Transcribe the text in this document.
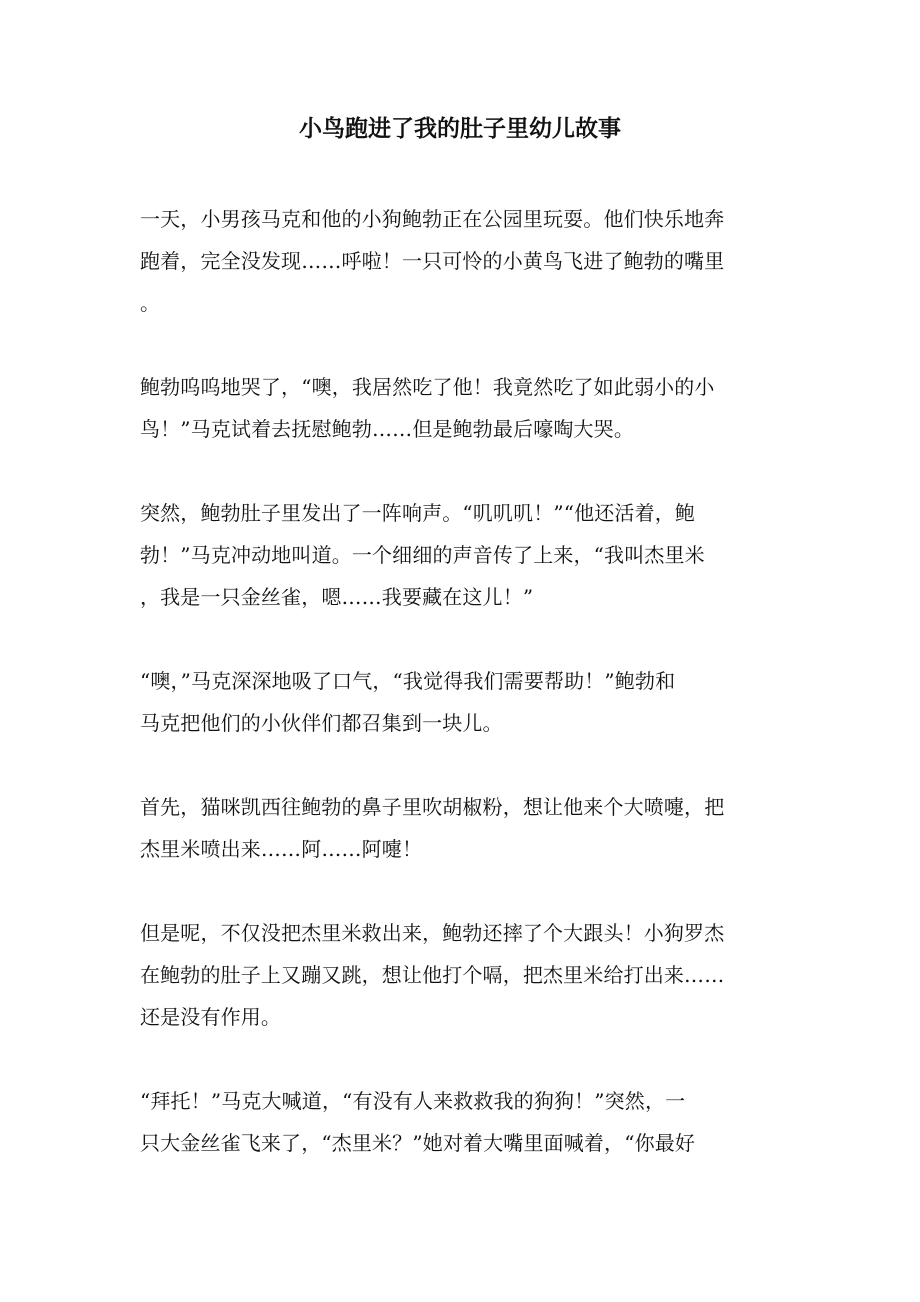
小鸟跑进了我的肚子里幼儿故事
一天，小男孩马克和他的小狗鲍勃正在公园里玩耍。他们快乐地奔
跑着，完全没发现……呼啦！一只可怜的小黄鸟飞进了鲍勃的嘴里
。
鲍勃呜呜地哭了，“噢，我居然吃了他！我竟然吃了如此弱小的小
鸟！”马克试着去抚慰鲍勃……但是鲍勃最后嚎啕大哭。
突然，鲍勃肚子里发出了一阵响声。“叽叽叽！”“他还活着，鲍
勃！”马克冲动地叫道。一个细细的声音传了上来，“我叫杰里米
，我是一只金丝雀，嗯……我要藏在这儿！”
“噢，”马克深深地吸了口气，“我觉得我们需要帮助！”鲍勃和
马克把他们的小伙伴们都召集到一块儿。
首先，猫咪凯西往鲍勃的鼻子里吹胡椒粉，想让他来个大喷嚏，把
杰里米喷出来……阿……阿嚏！
但是呢，不仅没把杰里米救出来，鲍勃还摔了个大跟头！小狗罗杰
在鲍勃的肚子上又蹦又跳，想让他打个嗝，把杰里米给打出来……
还是没有作用。
“拜托！”马克大喊道，“有没有人来救救我的狗狗！”突然，一
只大金丝雀飞来了，“杰里米？”她对着大嘴里面喊着，“你最好
